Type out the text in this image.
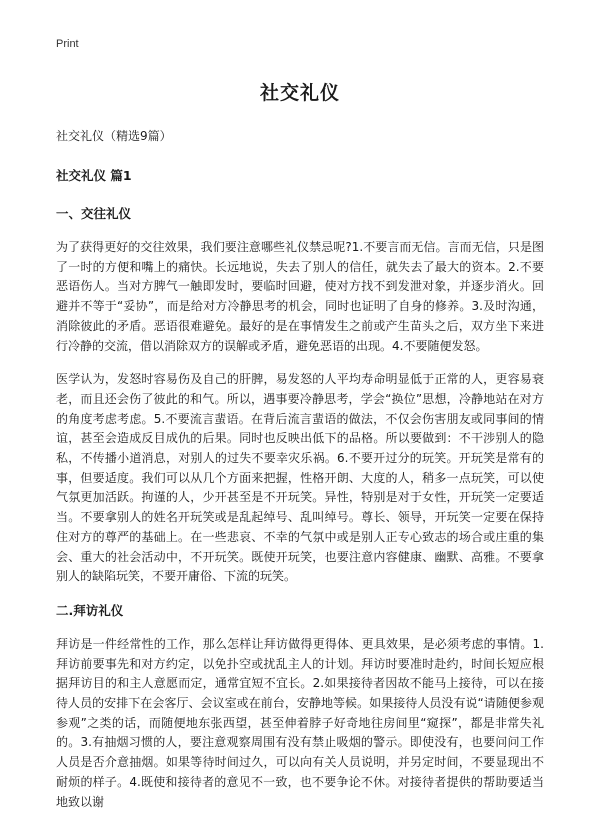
Print
社交礼仪
社交礼仪（精选9篇）
社交礼仪 篇1
一、交往礼仪

为了获得更好的交往效果，我们要注意哪些礼仪禁忌呢?1.不要言而无信。言而无信，只是图了一时的方便和嘴上的痛快。长远地说，失去了别人的信任，就失去了最大的资本。2.不要恶语伤人。当对方脾气一触即发时，要临时回避，使对方找不到发泄对象，并逐步消火。回避并不等于“妥协”，而是给对方冷静思考的机会，同时也证明了自身的修养。3.及时沟通，消除彼此的矛盾。恶语很难避免。最好的是在事情发生之前或产生苗头之后，双方坐下来进行冷静的交流，借以消除双方的误解或矛盾，避免恶语的出现。4.不要随便发怒。

医学认为，发怒时容易伤及自己的肝脾，易发怒的人平均寿命明显低于正常的人，更容易衰老，而且还会伤了彼此的和气。所以，遇事要冷静思考，学会“换位”思想，冷静地站在对方的角度考虑考虑。5.不要流言蜚语。在背后流言蜚语的做法，不仅会伤害朋友或同事间的情谊，甚至会造成反目成仇的后果。同时也反映出低下的品格。所以要做到：不干涉别人的隐私，不传播小道消息，对别人的过失不要幸灾乐祸。6.不要开过分的玩笑。开玩笑是常有的事，但要适度。我们可以从几个方面来把握，性格开朗、大度的人，稍多一点玩笑，可以使气氛更加活跃。拘谨的人，少开甚至是不开玩笑。异性，特别是对于女性，开玩笑一定要适当。不要拿别人的姓名开玩笑或是乱起绰号、乱叫绰号。尊长、领导，开玩笑一定要在保持住对方的尊严的基础上。在一些悲哀、不幸的气氛中或是别人正专心致志的场合或庄重的集会、重大的社会活动中，不开玩笑。既使开玩笑，也要注意内容健康、幽默、高雅。不要拿别人的缺陷玩笑，不要开庸俗、下流的玩笑。

二.拜访礼仪

拜访是一件经常性的工作，那么怎样让拜访做得更得体、更具效果，是必须考虑的事情。1.拜访前要事先和对方约定，以免扑空或扰乱主人的计划。拜访时要准时赴约，时间长短应根据拜访目的和主人意愿而定，通常宜短不宜长。2.如果接待者因故不能马上接待，可以在接待人员的安排下在会客厅、会议室或在前台，安静地等候。如果接待人员没有说“请随便参观参观”之类的话，而随便地东张西望，甚至伸着脖子好奇地往房间里“窥探”，都是非常失礼的。3.有抽烟习惯的人，要注意观察周围有没有禁止吸烟的警示。即使没有，也要问问工作人员是否介意抽烟。如果等待时间过久，可以向有关人员说明，并另定时间，不要显现出不耐烦的样子。4.既使和接待者的意见不一致，也不要争论不休。对接待者提供的帮助要适当地致以谢
